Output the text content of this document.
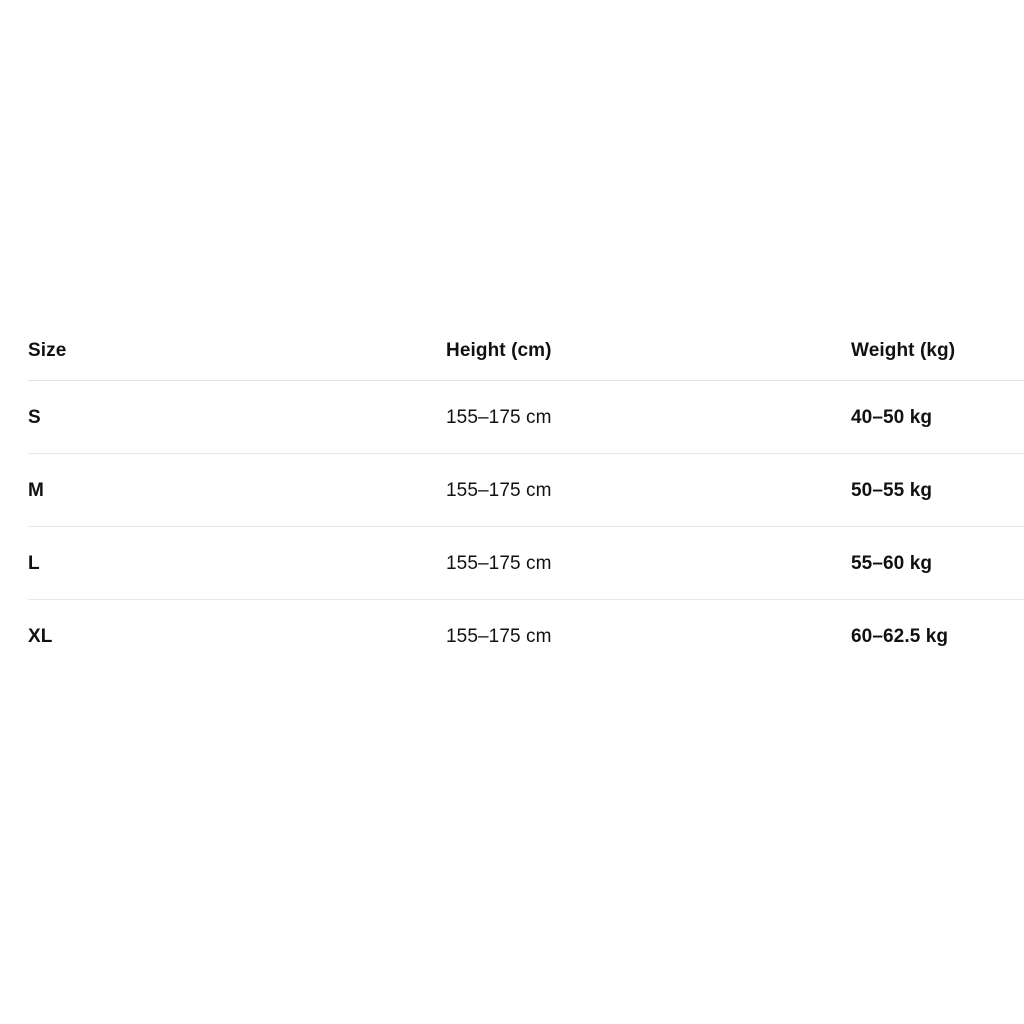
Size	Height (cm)	Weight (kg)
S	155–175 cm	40–50 kg
M	155–175 cm	50–55 kg
L	155–175 cm	55–60 kg
XL	155–175 cm	60–62.5 kg
